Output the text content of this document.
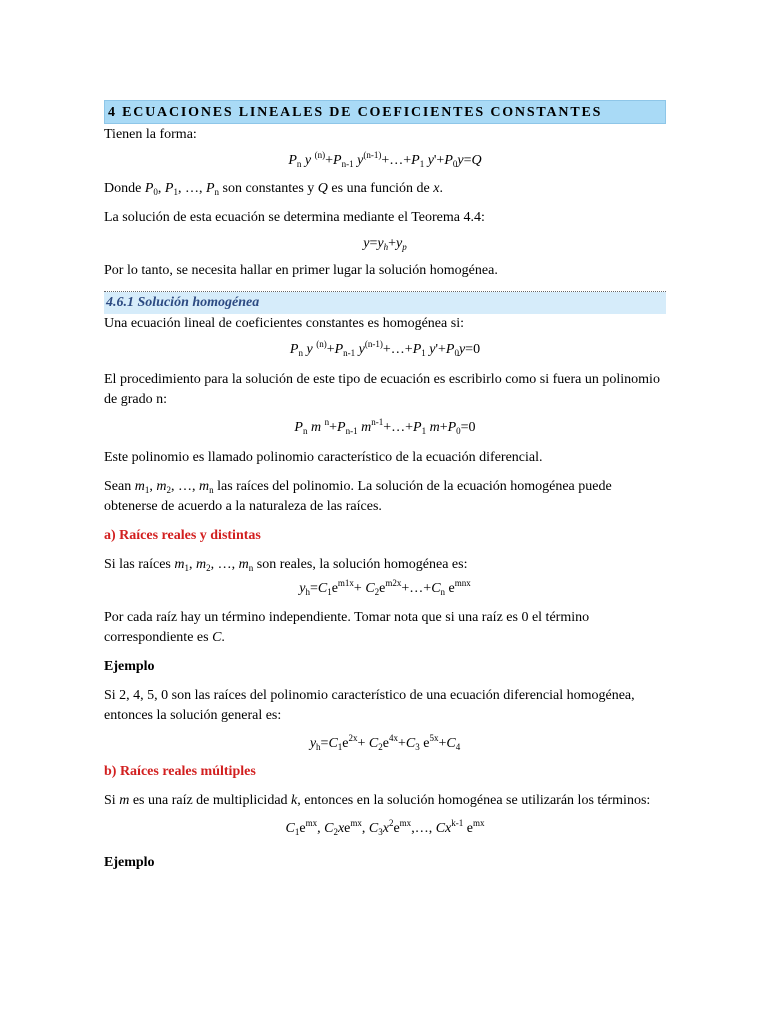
4 ECUACIONES LINEALES DE COEFICIENTES CONSTANTES
Tienen la forma:
$P_n$ y $^{(n)}+P_{n-1}$ $y^{(n-1)}+\dots+P_1$ $y'+P_0y=Q$
Donde $P_0$, $P_1$, …, $P_n$ son constantes y Q es una función de x.
La solución de esta ecuación se determina mediante el Teorema 4.4:
$y=y_h+y_p$
Por lo tanto, se necesita hallar en primer lugar la solución homogénea.
4.6.1 Solución homogénea
Una ecuación lineal de coeficientes constantes es homogénea si:
$P_n$ y $^{(n)}+P_{n-1}$ $y^{(n-1)}+\dots+P_1$ $y'+P_0y=0$
El procedimiento para la solución de este tipo de ecuación es escribirlo como si fuera un polinomio de grado n:
$P_n$ m $^n+P_{n-1}$ $m^{n-1}+\dots+P_1$ $m+P_0=0$
Este polinomio es llamado polinomio característico de la ecuación diferencial.
Sean $m_1$, $m_2$, …, $m_n$ las raíces del polinomio. La solución de la ecuación homogénea puede obtenerse de acuerdo a la naturaleza de las raíces.
a) Raíces reales y distintas
Si las raíces $m_1$, $m_2$, …, $m_n$ son reales, la solución homogénea es:
$y_h=C_1e^{m1x}+$ $C_2e^{m2x}+\dots+C_n$ $e^{mnx}$
Por cada raíz hay un término independiente. Tomar nota que si una raíz es 0 el término correspondiente es C.
Ejemplo
Si 2, 4, 5, 0 son las raíces del polinomio característico de una ecuación diferencial homogénea, entonces la solución general es:
$y_h=C_1e^{2x}+ C_2e^{4x}+C_3$ $e^{5x}+C_4$
b) Raíces reales múltiples
Si m es una raíz de multiplicidad k, entonces en la solución homogénea se utilizarán los términos:
$C_1e^{mx}$, $C_2xe^{mx}$, $C_3x^2e^{mx},\dots$, Cx$^{k-1}$ $e^{mx}$
Ejemplo
